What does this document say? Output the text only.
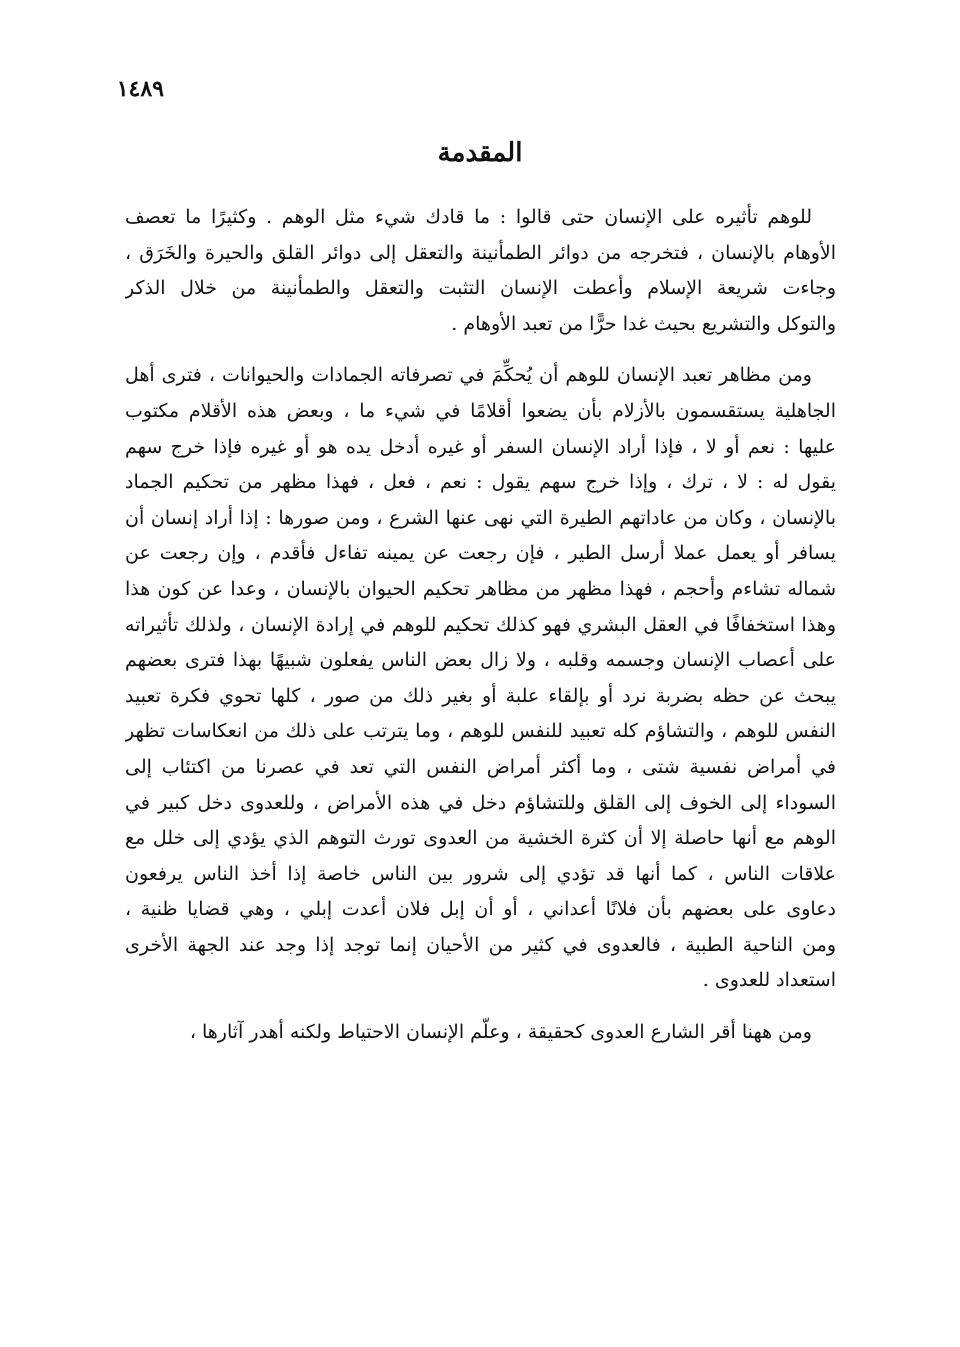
١٤٨٩
المقدمة
للوهم تأثيره على الإنسان حتى قالوا : ما قادك شيء مثل الوهم . وكثيرًا ما تعصف
الأوهام بالإنسان ، فتخرجه من دوائر الطمأنينة والتعقل إلى دوائر القلق والحيرة والخَرَق ،
وجاءت شريعة الإسلام وأعطت الإنسان التثبت والتعقل والطمأنينة من خلال الذكر
والتوكل والتشريع بحيث غدا حرًّا من تعبد الأوهام .
ومن مظاهر تعبد الإنسان للوهم أن يُحكِّمَ في تصرفاته الجمادات والحيوانات ، فترى أهل
الجاهلية يستقسمون بالأزلام بأن يضعوا أقلامًا في شيء ما ، وبعض هذه الأقلام مكتوب
عليها : نعم أو لا ، فإذا أراد الإنسان السفر أو غيره أدخل يده هو أو غيره فإذا خرج سهم
يقول له : لا ، ترك ، وإذا خرج سهم يقول : نعم ، فعل ، فهذا مظهر من تحكيم الجماد
بالإنسان ، وكان من عاداتهم الطيرة التي نهى عنها الشرع ، ومن صورها : إذا أراد إنسان أن
يسافر أو يعمل عملا أرسل الطير ، فإن رجعت عن يمينه تفاءل فأقدم ، وإن رجعت عن
شماله تشاءم وأحجم ، فهذا مظهر من مظاهر تحكيم الحيوان بالإنسان ، وعدا عن كون هذا
وهذا استخفافًا في العقل البشري فهو كذلك تحكيم للوهم في إرادة الإنسان ، ولذلك تأثيراته
على أعصاب الإنسان وجسمه وقلبه ، ولا زال بعض الناس يفعلون شبيهًا بهذا فترى بعضهم
يبحث عن حظه بضربة نرد أو بإلقاء علبة أو بغير ذلك من صور ، كلها تحوي فكرة تعبيد
النفس للوهم ، والتشاؤم كله تعبيد للنفس للوهم ، وما يترتب على ذلك من انعكاسات تظهر
في أمراض نفسية شتى ، وما أكثر أمراض النفس التي تعد في عصرنا من اكتئاب إلى
السوداء إلى الخوف إلى القلق وللتشاؤم دخل في هذه الأمراض ، وللعدوى دخل كبير في
الوهم مع أنها حاصلة إلا أن كثرة الخشية من العدوى تورث التوهم الذي يؤدي إلى خلل مع
علاقات الناس ، كما أنها قد تؤدي إلى شرور بين الناس خاصة إذا أخذ الناس يرفعون
دعاوى على بعضهم بأن فلانًا أعداني ، أو أن إبل فلان أعدت إبلي ، وهي قضايا ظنية ،
ومن الناحية الطبية ، فالعدوى في كثير من الأحيان إنما توجد إذا وجد عند الجهة الأخرى
استعداد للعدوى .
ومن ههنا أقر الشارع العدوى كحقيقة ، وعلّم الإنسان الاحتياط ولكنه أهدر آثارها ،
